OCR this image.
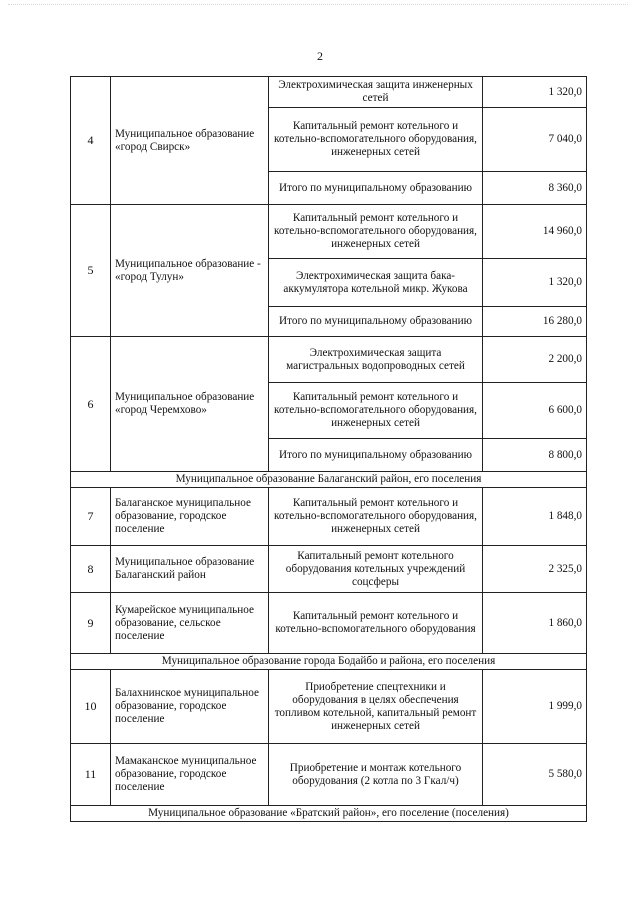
2
4	Муниципальное образование «город Свирск»	Электрохимическая защита инженерных сетей	1 320,0
		Капитальный ремонт котельного и котельно-вспомогательного оборудования, инженерных сетей	7 040,0
		Итого по муниципальному образованию	8 360,0
5	Муниципальное образование - «город Тулун»	Капитальный ремонт котельного и котельно-вспомогательного оборудования, инженерных сетей	14 960,0
		Электрохимическая защита бака-аккумулятора котельной микр. Жукова	1 320,0
		Итого по муниципальному образованию	16 280,0
6	Муниципальное образование «город Черемхово»	Электрохимическая защита магистральных водопроводных сетей	2 200,0
		Капитальный ремонт котельного и котельно-вспомогательного оборудования, инженерных сетей	6 600,0
		Итого по муниципальному образованию	8 800,0
Муниципальное образование Балаганский район, его поселения			
7	Балаганское муниципальное образование, городское поселение	Капитальный ремонт котельного и котельно-вспомогательного оборудования, инженерных сетей	1 848,0
8	Муниципальное образование Балаганский район	Капитальный ремонт котельного оборудования котельных учреждений соцсферы	2 325,0
9	Кумарейское муниципальное образование, сельское поселение	Капитальный ремонт котельного и котельно-вспомогательного оборудования	1 860,0
Муниципальное образование города Бодайбо и района, его поселения			
10	Балахнинское муниципальное образование, городское поселение	Приобретение спецтехники и оборудования в целях обеспечения топливом котельной, капитальный ремонт инженерных сетей	1 999,0
11	Мамаканское муниципальное образование, городское поселение	Приобретение и монтаж котельного оборудования (2 котла по 3 Гкал/ч)	5 580,0
Муниципальное образование «Братский район», его поселение (поселения)			
